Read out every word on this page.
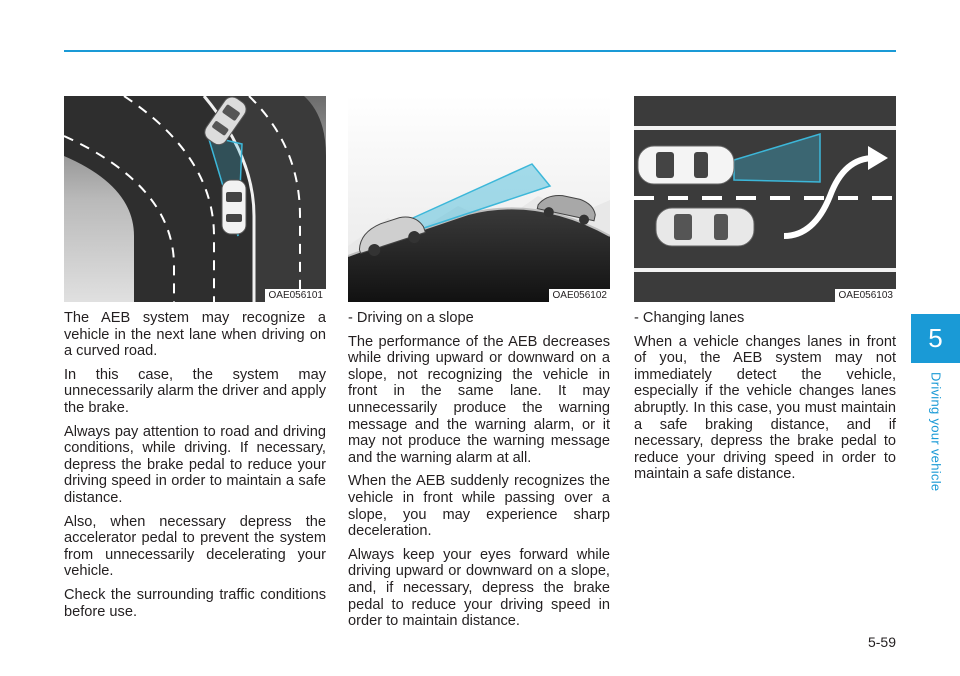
OAE056101

The AEB system may recognize a vehicle in the next lane when driving on a curved road.

In this case, the system may unnecessarily alarm the driver and apply the brake.

Always pay attention to road and driving conditions, while driving. If necessary, depress the brake pedal to reduce your driving speed in order to maintain a safe distance.

Also, when necessary depress the accelerator pedal to prevent the system from unnecessarily decelerating your vehicle.

Check the surrounding traffic conditions before use.

OAE056102

- Driving on a slope

The performance of the AEB decreases while driving upward or downward on a slope, not recognizing the vehicle in front in the same lane. It may unnecessarily produce the warning message and the warning alarm, or it may not produce the warning message and the warning alarm at all.

When the AEB suddenly recognizes the vehicle in front while passing over a slope, you may experience sharp deceleration.

Always keep your eyes forward while driving upward or downward on a slope, and, if necessary, depress the brake pedal to reduce your driving speed in order to maintain distance.

OAE056103

- Changing lanes

When a vehicle changes lanes in front of you, the AEB system may not immediately detect the vehicle, especially if the vehicle changes lanes abruptly. In this case, you must maintain a safe braking distance, and if necessary, depress the brake pedal to reduce your driving speed in order to maintain a safe distance.

5
Driving your vehicle
5-59
